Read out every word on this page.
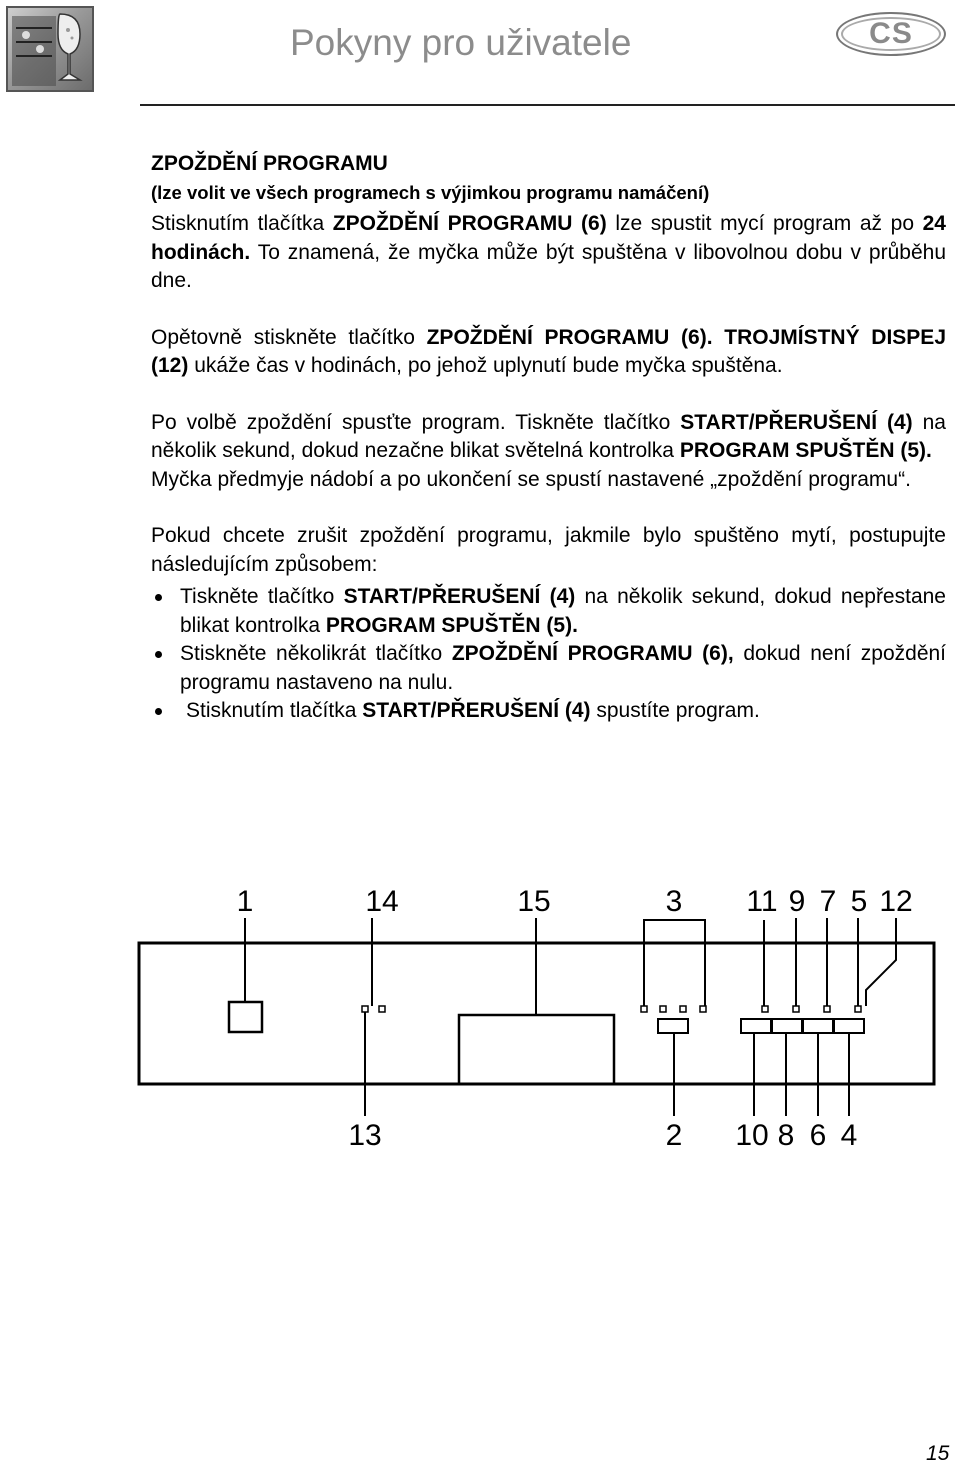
Pokyny pro uživatele	CS

ZPOŽDĚNÍ PROGRAMU

(lze volit ve všech programech s výjimkou programu namáčení)

Stisknutím tlačítka ZPOŽDĚNÍ PROGRAMU (6) lze spustit mycí program až po 24 hodinách. To znamená, že myčka může být spuštěna v libovolnou dobu v průběhu dne.

Opětovně stiskněte tlačítko ZPOŽDĚNÍ PROGRAMU (6). TROJMÍSTNÝ DISPEJ (12) ukáže čas v hodinách, po jehož uplynutí bude myčka spuštěna.

Po volbě zpoždění spusťte program. Tiskněte tlačítko START/PŘERUŠENÍ (4) na několik sekund, dokud nezačne blikat světelná kontrolka PROGRAM SPUŠTĚN (5).

Myčka předmyje nádobí a po ukončení se spustí nastavené „zpoždění programu“.

Pokud chcete zrušit zpoždění programu, jakmile bylo spuštěno mytí, postupujte následujícím způsobem:

Tiskněte tlačítko START/PŘERUŠENÍ (4) na několik sekund, dokud nepřestane blikat kontrolka PROGRAM SPUŠTĚN (5).
Stiskněte několikrát tlačítko ZPOŽDĚNÍ PROGRAMU (6), dokud není zpoždění programu nastaveno na nulu.
Stisknutím tlačítka START/PŘERUŠENÍ (4) spustíte program.
1	14	15	3 11 9 7 5 12
13	2 10 8 6 4
15
